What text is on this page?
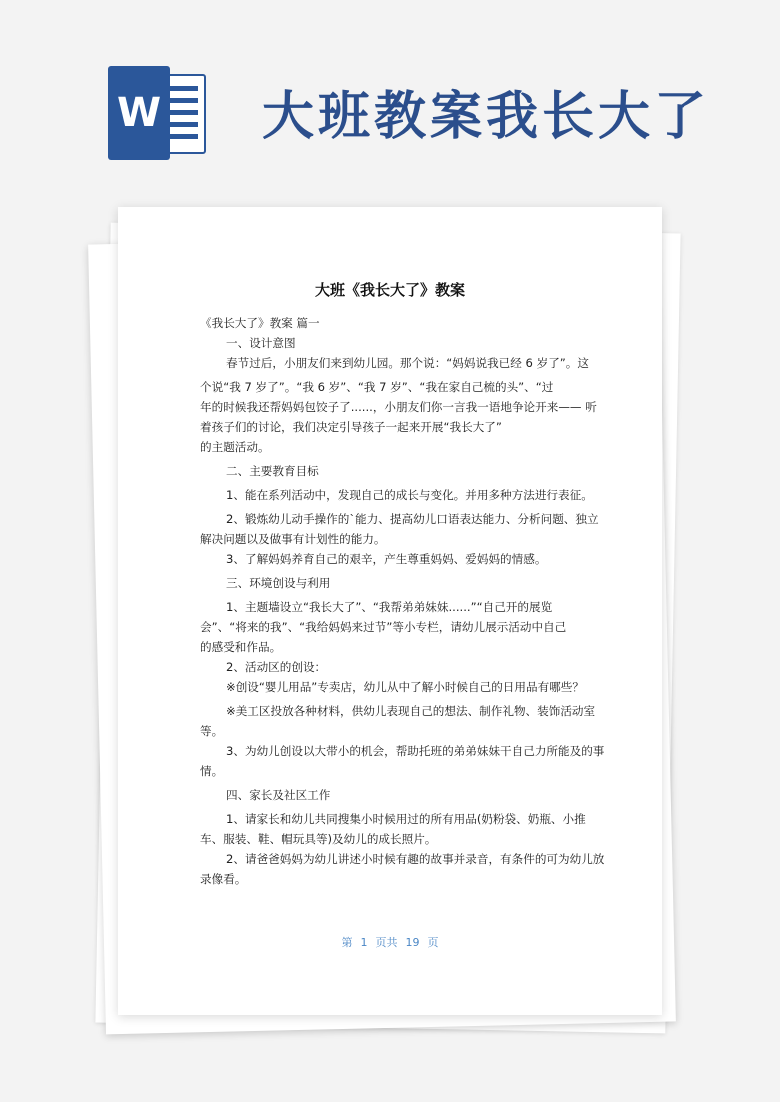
W 大班教案我长大了
大班《我长大了》教案

《我长大了》教案 篇一

一、设计意图

春节过后，小朋友们来到幼儿园。那个说：“妈妈说我已经 6 岁了”。这

个说“我 7 岁了”。“我 6 岁”、“我 7 岁”、“我在家自己梳的头”、“过

年的时候我还帮妈妈包饺子了......，小朋友们你一言我一语地争论开来—— 听

着孩子们的讨论，我们决定引导孩子一起来开展“我长大了”

的主题活动。

二、主要教育目标

1、能在系列活动中，发现自己的成长与变化。并用多种方法进行表征。

2、锻炼幼儿动手操作的`能力、提高幼儿口语表达能力、分析问题、独立

解决问题以及做事有计划性的能力。

3、了解妈妈养育自己的艰辛，产生尊重妈妈、爱妈妈的情感。

三、环境创设与利用

1、主题墙设立“我长大了”、“我帮弟弟妹妹......”“自己开的展览

会”、“将来的我”、“我给妈妈来过节”等小专栏，请幼儿展示活动中自己

的感受和作品。

2、活动区的创设：

※创设“婴儿用品”专卖店，幼儿从中了解小时候自己的日用品有哪些？

※美工区投放各种材料，供幼儿表现自己的想法、制作礼物、装饰活动室

等。

3、为幼儿创设以大带小的机会，帮助托班的弟弟妹妹干自己力所能及的事

情。

四、家长及社区工作

1、请家长和幼儿共同搜集小时候用过的所有用品(奶粉袋、奶瓶、小推

车、服装、鞋、帽玩具等)及幼儿的成长照片。

2、请爸爸妈妈为幼儿讲述小时候有趣的故事并录音，有条件的可为幼儿放

录像看。

第 1 页共 19 页
